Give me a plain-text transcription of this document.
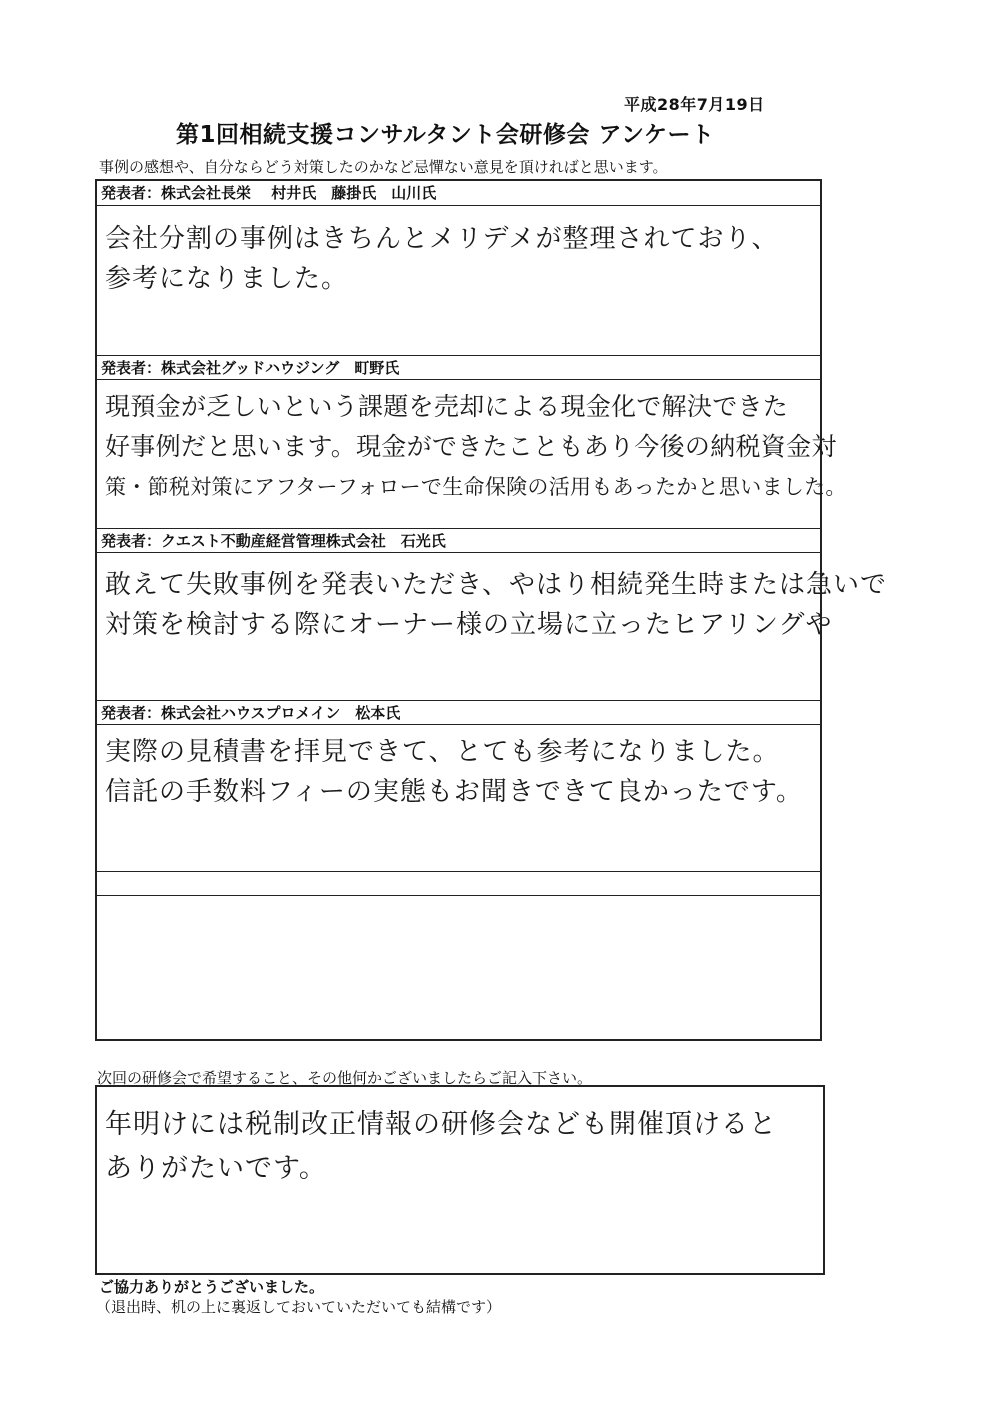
平成28年7月19日
第1回相続支援コンサルタント会研修会 アンケート
事例の感想や、自分ならどう対策したのかなど忌憚ない意見を頂ければと思います。
発表者：株式会社長栄　 村井氏　藤掛氏　山川氏
会社分割の事例はきちんとメリデメが整理されており、
参考になりました。
発表者：株式会社グッドハウジング　町野氏
現預金が乏しいという課題を売却による現金化で解決できた
好事例だと思います。現金ができたこともあり今後の納税資金対
策・節税対策にアフターフォローで生命保険の活用もあったかと思いました。
発表者：クエスト不動産経営管理株式会社　石光氏
敢えて失敗事例を発表いただき、やはり相続発生時または急いで
対策を検討する際にオーナー様の立場に立ったヒアリングや
発表者：株式会社ハウスプロメイン　松本氏
実際の見積書を拝見できて、とても参考になりました。
信託の手数料フィーの実態もお聞きできて良かったです。
次回の研修会で希望すること、その他何かございましたらご記入下さい。
年明けには税制改正情報の研修会なども開催頂けると
ありがたいです。
ご協力ありがとうございました。
（退出時、机の上に裏返しておいていただいても結構です）
